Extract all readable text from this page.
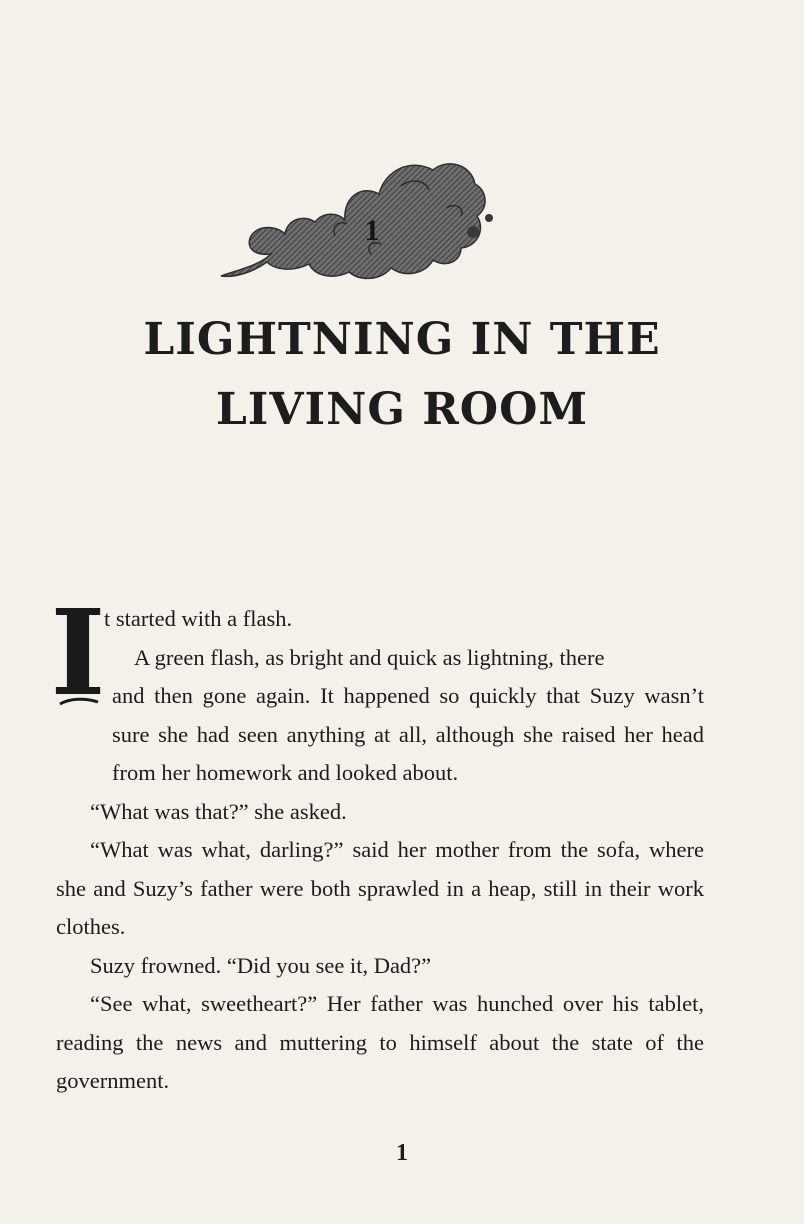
1
LIGHTNING IN THE
LIVING ROOM
I
t started with a flash.

A green flash, as bright and quick as lightning, there

and then gone again. It happened so quickly that Suzy wasn’t sure she had seen anything at all, although she raised her head from her homework and looked about.

“What was that?” she asked.

“What was what, darling?” said her mother from the sofa, where she and Suzy’s father were both sprawled in a heap, still in their work clothes.

Suzy frowned. “Did you see it, Dad?”

“See what, sweetheart?” Her father was hunched over his tablet, reading the news and muttering to himself about the state of the government.

1
